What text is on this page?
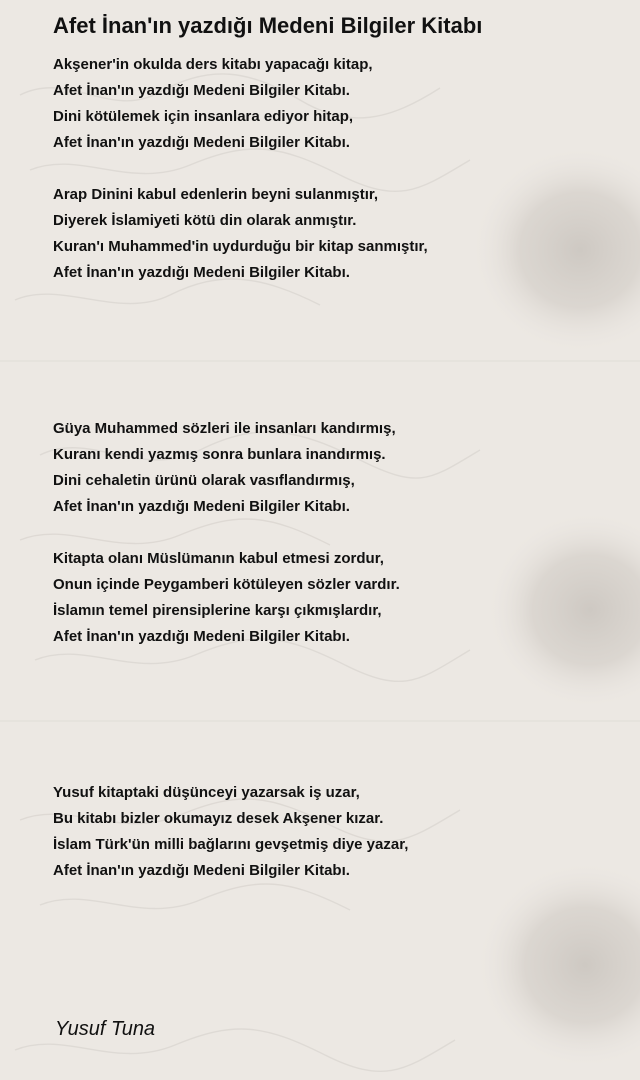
Afet İnan'ın yazdığı Medeni Bilgiler Kitabı
Akşener'in okulda ders kitabı yapacağı kitap,
Afet İnan'ın yazdığı Medeni Bilgiler Kitabı.
Dini kötülemek için insanlara ediyor hitap,
Afet İnan'ın yazdığı Medeni Bilgiler Kitabı.
Arap Dinini kabul edenlerin beyni sulanmıştır,
Diyerek İslamiyeti kötü din olarak anmıştır.
Kuran'ı Muhammed'in uydurduğu bir kitap sanmıştır,
Afet İnan'ın yazdığı Medeni Bilgiler Kitabı.
Güya Muhammed sözleri ile insanları kandırmış,
Kuranı kendi yazmış sonra bunlara inandırmış.
Dini cehaletin ürünü olarak vasıflandırmış,
Afet İnan'ın yazdığı Medeni Bilgiler Kitabı.
Kitapta olanı Müslümanın kabul etmesi zordur,
Onun içinde Peygamberi kötüleyen sözler vardır.
İslamın temel pirensiplerine karşı çıkmışlardır,
Afet İnan'ın yazdığı Medeni Bilgiler Kitabı.
Yusuf kitaptaki düşünceyi yazarsak iş uzar,
Bu kitabı bizler okumayız desek Akşener kızar.
İslam Türk'ün milli bağlarını gevşetmiş diye yazar,
Afet İnan'ın yazdığı Medeni Bilgiler Kitabı.
Yusuf Tuna
